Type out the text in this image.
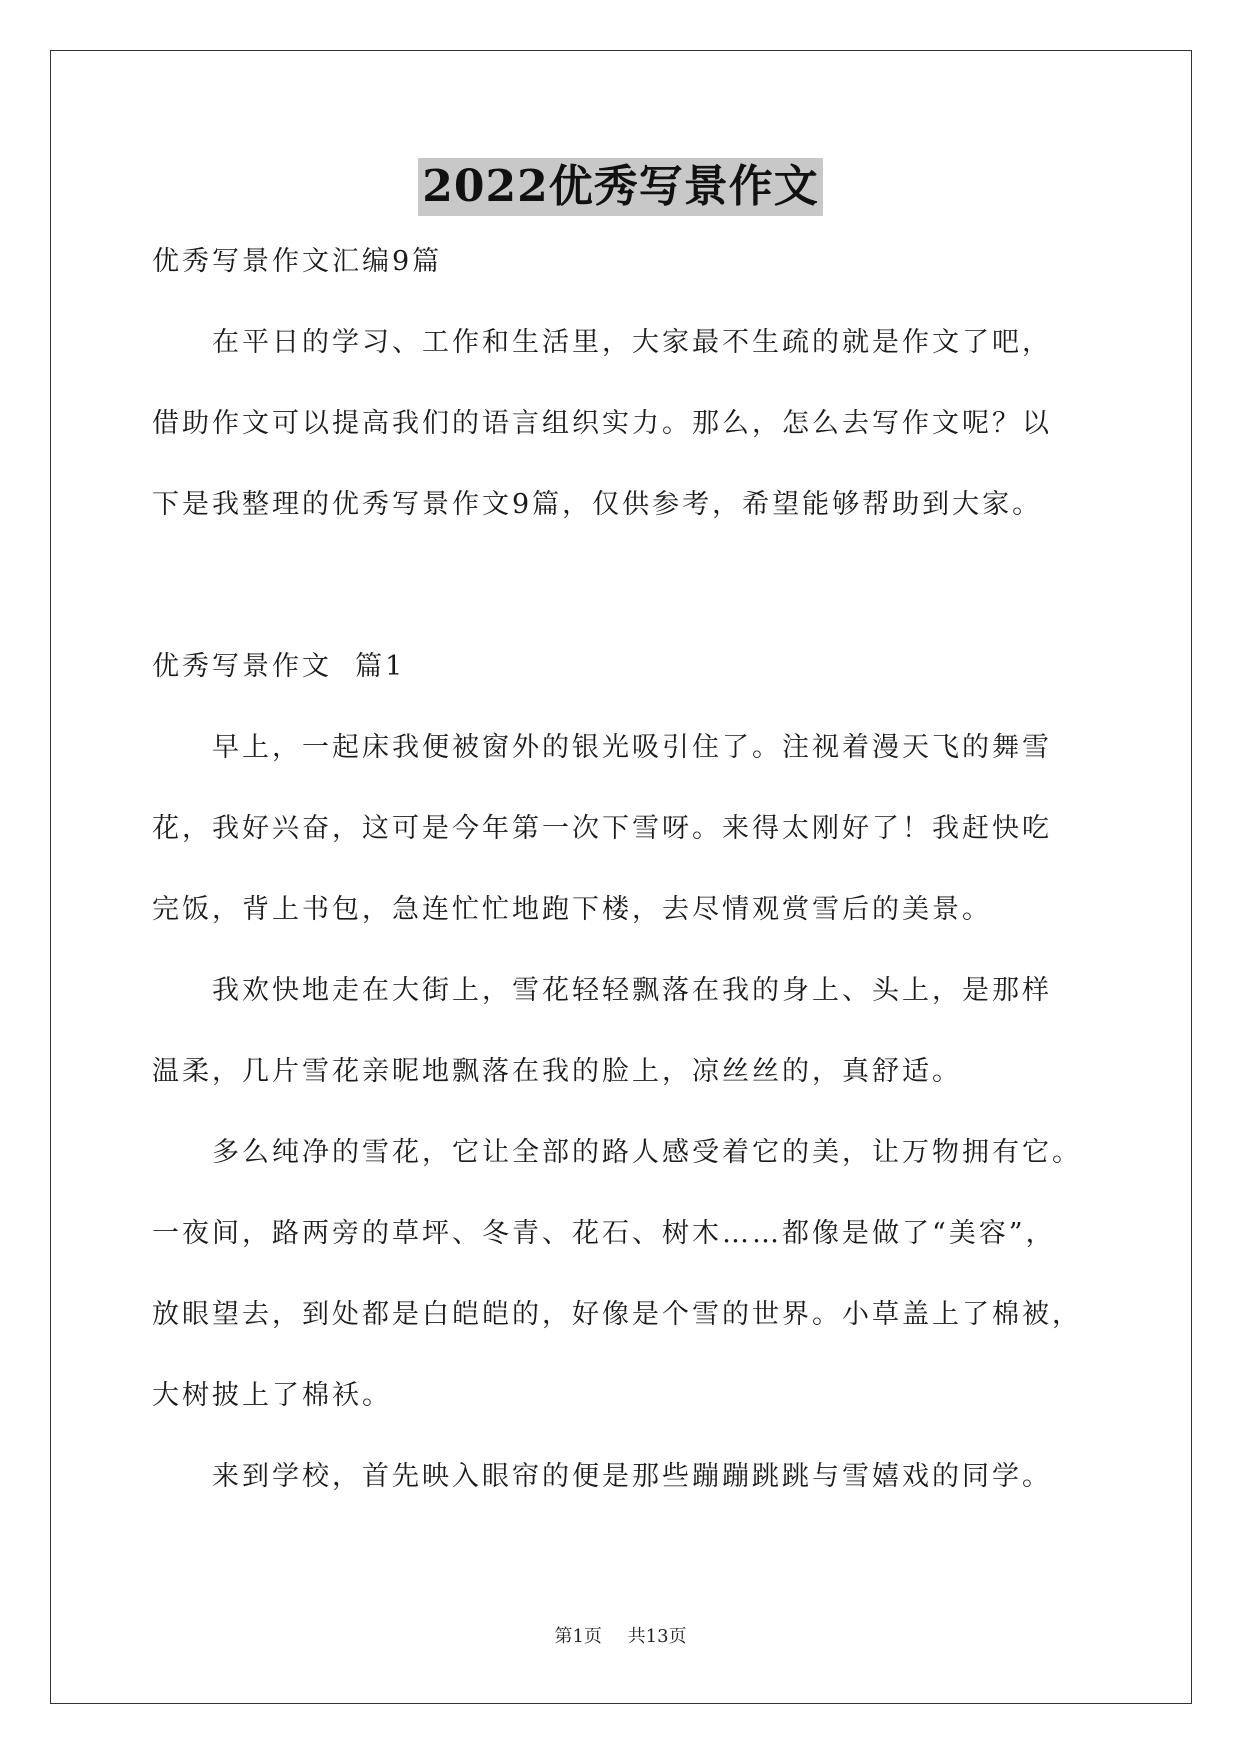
2022优秀写景作文
优秀写景作文汇编9篇
在平日的学习、工作和生活里，大家最不生疏的就是作文了吧，
借助作文可以提高我们的语言组织实力。那么，怎么去写作文呢？以
下是我整理的优秀写景作文9篇，仅供参考，希望能够帮助到大家。
优秀写景作文  篇1
早上，一起床我便被窗外的银光吸引住了。注视着漫天飞的舞雪
花，我好兴奋，这可是今年第一次下雪呀。来得太刚好了！我赶快吃
完饭，背上书包，急连忙忙地跑下楼，去尽情观赏雪后的美景。
我欢快地走在大街上，雪花轻轻飘落在我的身上、头上，是那样
温柔，几片雪花亲昵地飘落在我的脸上，凉丝丝的，真舒适。
多么纯净的雪花，它让全部的路人感受着它的美，让万物拥有它。
一夜间，路两旁的草坪、冬青、花石、树木……都像是做了“美容”，
放眼望去，到处都是白皑皑的，好像是个雪的世界。小草盖上了棉被，
大树披上了棉袄。
来到学校，首先映入眼帘的便是那些蹦蹦跳跳与雪嬉戏的同学。
第1页 共13页
